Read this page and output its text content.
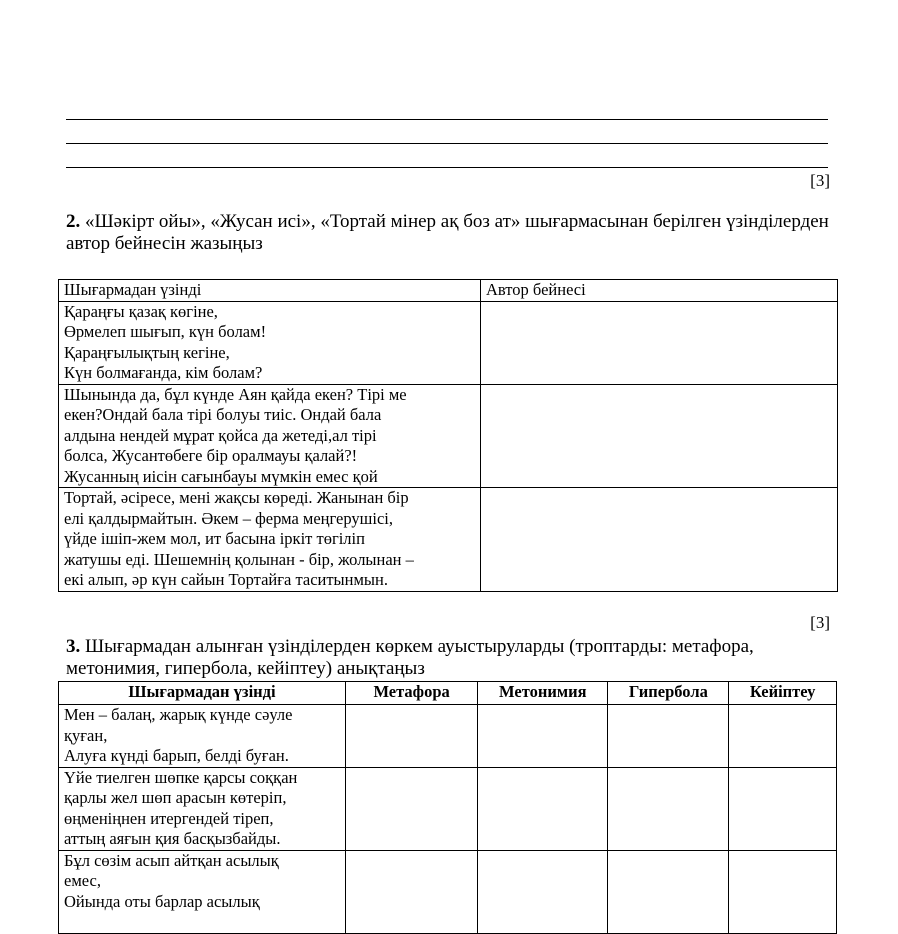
[3]
2. «Шәкірт ойы», «Жусан исі», «Тортай мінер ақ боз ат» шығармасынан берілген үзінділерден автор бейнесін жазыңыз
Шығармадан үзінді	Автор бейнесі

Қараңғы қазақ көгіне,
Өрмелеп шығып, күн болам!
Қараңғылықтың кегіне,
Күн болмағанда, кім болам?	

Шынында да, бұл күнде Аян қайда екен? Тірі ме
екен?Ондай бала тірі болуы тиіс. Ондай бала
алдына нендей мұрат қойса да жетеді,ал тірі
болса, Жусантөбеге бір оралмауы қалай?!
Жусанның иісін сағынбауы мүмкін емес қой	

Тортай, әсіресе, мені жақсы көреді. Жанынан бір
елі қалдырмайтын. Әкем – ферма меңгерушісі,
үйде ішіп-жем мол, ит басына іркіт төгіліп
жатушы еді. Шешемнің қолынан - бір, жолынан –
екі алып, әр күн сайын Тортайға таситынмын.	

[3]
3. Шығармадан алынған үзінділерден көркем ауыстыруларды (троптарды: метафора, метонимия, гипербола, кейіптеу) анықтаңыз
Шығармадан үзінді	Метафора	Метонимия	Гипербола	Кейіптеу

Мен – балаң, жарық күнде сәуле
қуған,
Алуға күнді барып, белді буған.				

Үйе тиелген шөпке қарсы соққан
қарлы жел шөп арасын көтеріп,
өңменіңнен итергендей тіреп,
аттың аяғын қия басқызбайды.				

Бұл сөзім асып айтқан асылық
емес,
Ойында оты барлар асылық				
